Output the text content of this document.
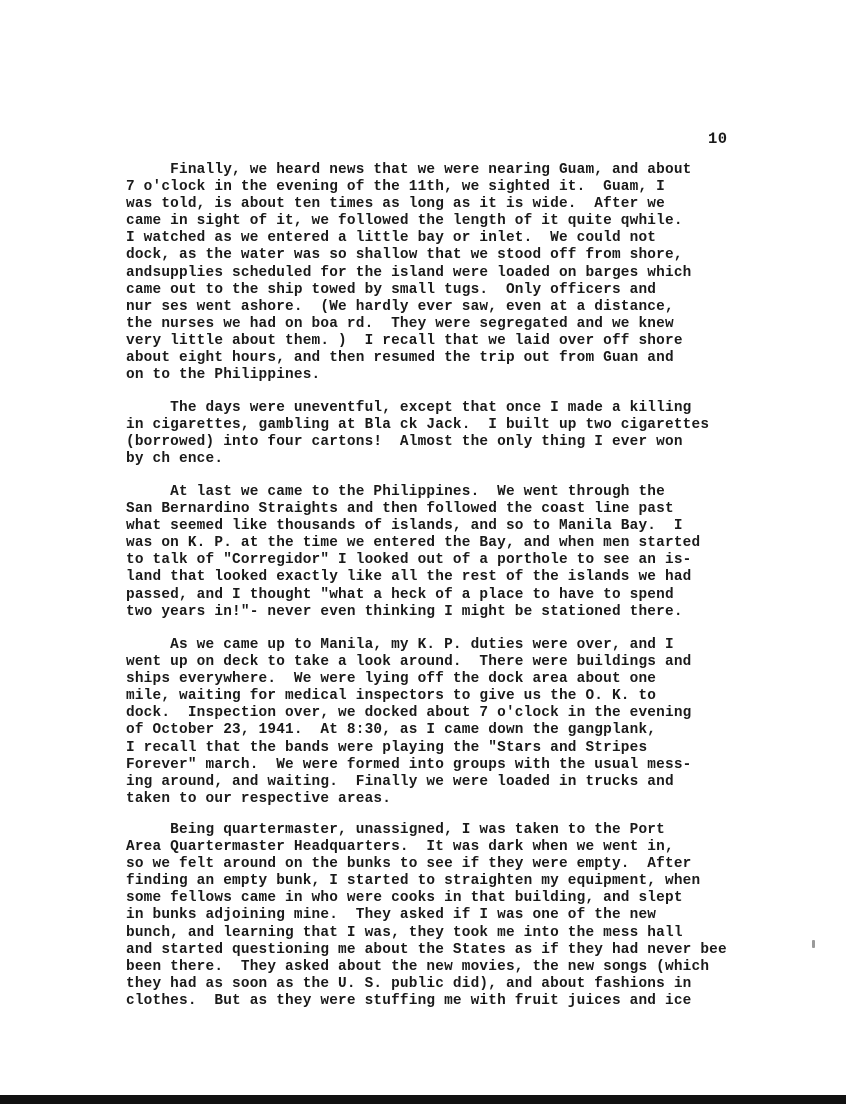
10
Finally, we heard news that we were nearing Guam, and about
7 o'clock in the evening of the 11th, we sighted it.  Guam, I
was told, is about ten times as long as it is wide.  After we
came in sight of it, we followed the length of it quite qwhile.
I watched as we entered a little bay or inlet.  We could not
dock, as the water was so shallow that we stood off from shore,
andsupplies scheduled for the island were loaded on barges which
came out to the ship towed by small tugs.  Only officers and
nur ses went ashore.  (We hardly ever saw, even at a distance,
the nurses we had on boa rd.  They were segregated and we knew
very little about them. )  I recall that we laid over off shore
about eight hours, and then resumed the trip out from Guan and
on to the Philippines.
The days were uneventful, except that once I made a killing
in cigarettes, gambling at Bla ck Jack.  I built up two cigarettes
(borrowed) into four cartons!  Almost the only thing I ever won
by ch ence.
At last we came to the Philippines.  We went through the
San Bernardino Straights and then followed the coast line past
what seemed like thousands of islands, and so to Manila Bay.  I
was on K. P. at the time we entered the Bay, and when men started
to talk of "Corregidor" I looked out of a porthole to see an is-
land that looked exactly like all the rest of the islands we had
passed, and I thought "what a heck of a place to have to spend
two years in!"- never even thinking I might be stationed there.
As we came up to Manila, my K. P. duties were over, and I
went up on deck to take a look around.  There were buildings and
ships everywhere.  We were lying off the dock area about one
mile, waiting for medical inspectors to give us the O. K. to
dock.  Inspection over, we docked about 7 o'clock in the evening
of October 23, 1941.  At 8:30, as I came down the gangplank,
I recall that the bands were playing the "Stars and Stripes
Forever" march.  We were formed into groups with the usual mess-
ing around, and waiting.  Finally we were loaded in trucks and
taken to our respective areas.
Being quartermaster, unassigned, I was taken to the Port
Area Quartermaster Headquarters.  It was dark when we went in,
so we felt around on the bunks to see if they were empty.  After
finding an empty bunk, I started to straighten my equipment, when
some fellows came in who were cooks in that building, and slept
in bunks adjoining mine.  They asked if I was one of the new
bunch, and learning that I was, they took me into the mess hall
and started questioning me about the States as if they had never bee
been there.  They asked about the new movies, the new songs (which
they had as soon as the U. S. public did), and about fashions in
clothes.  But as they were stuffing me with fruit juices and ice
